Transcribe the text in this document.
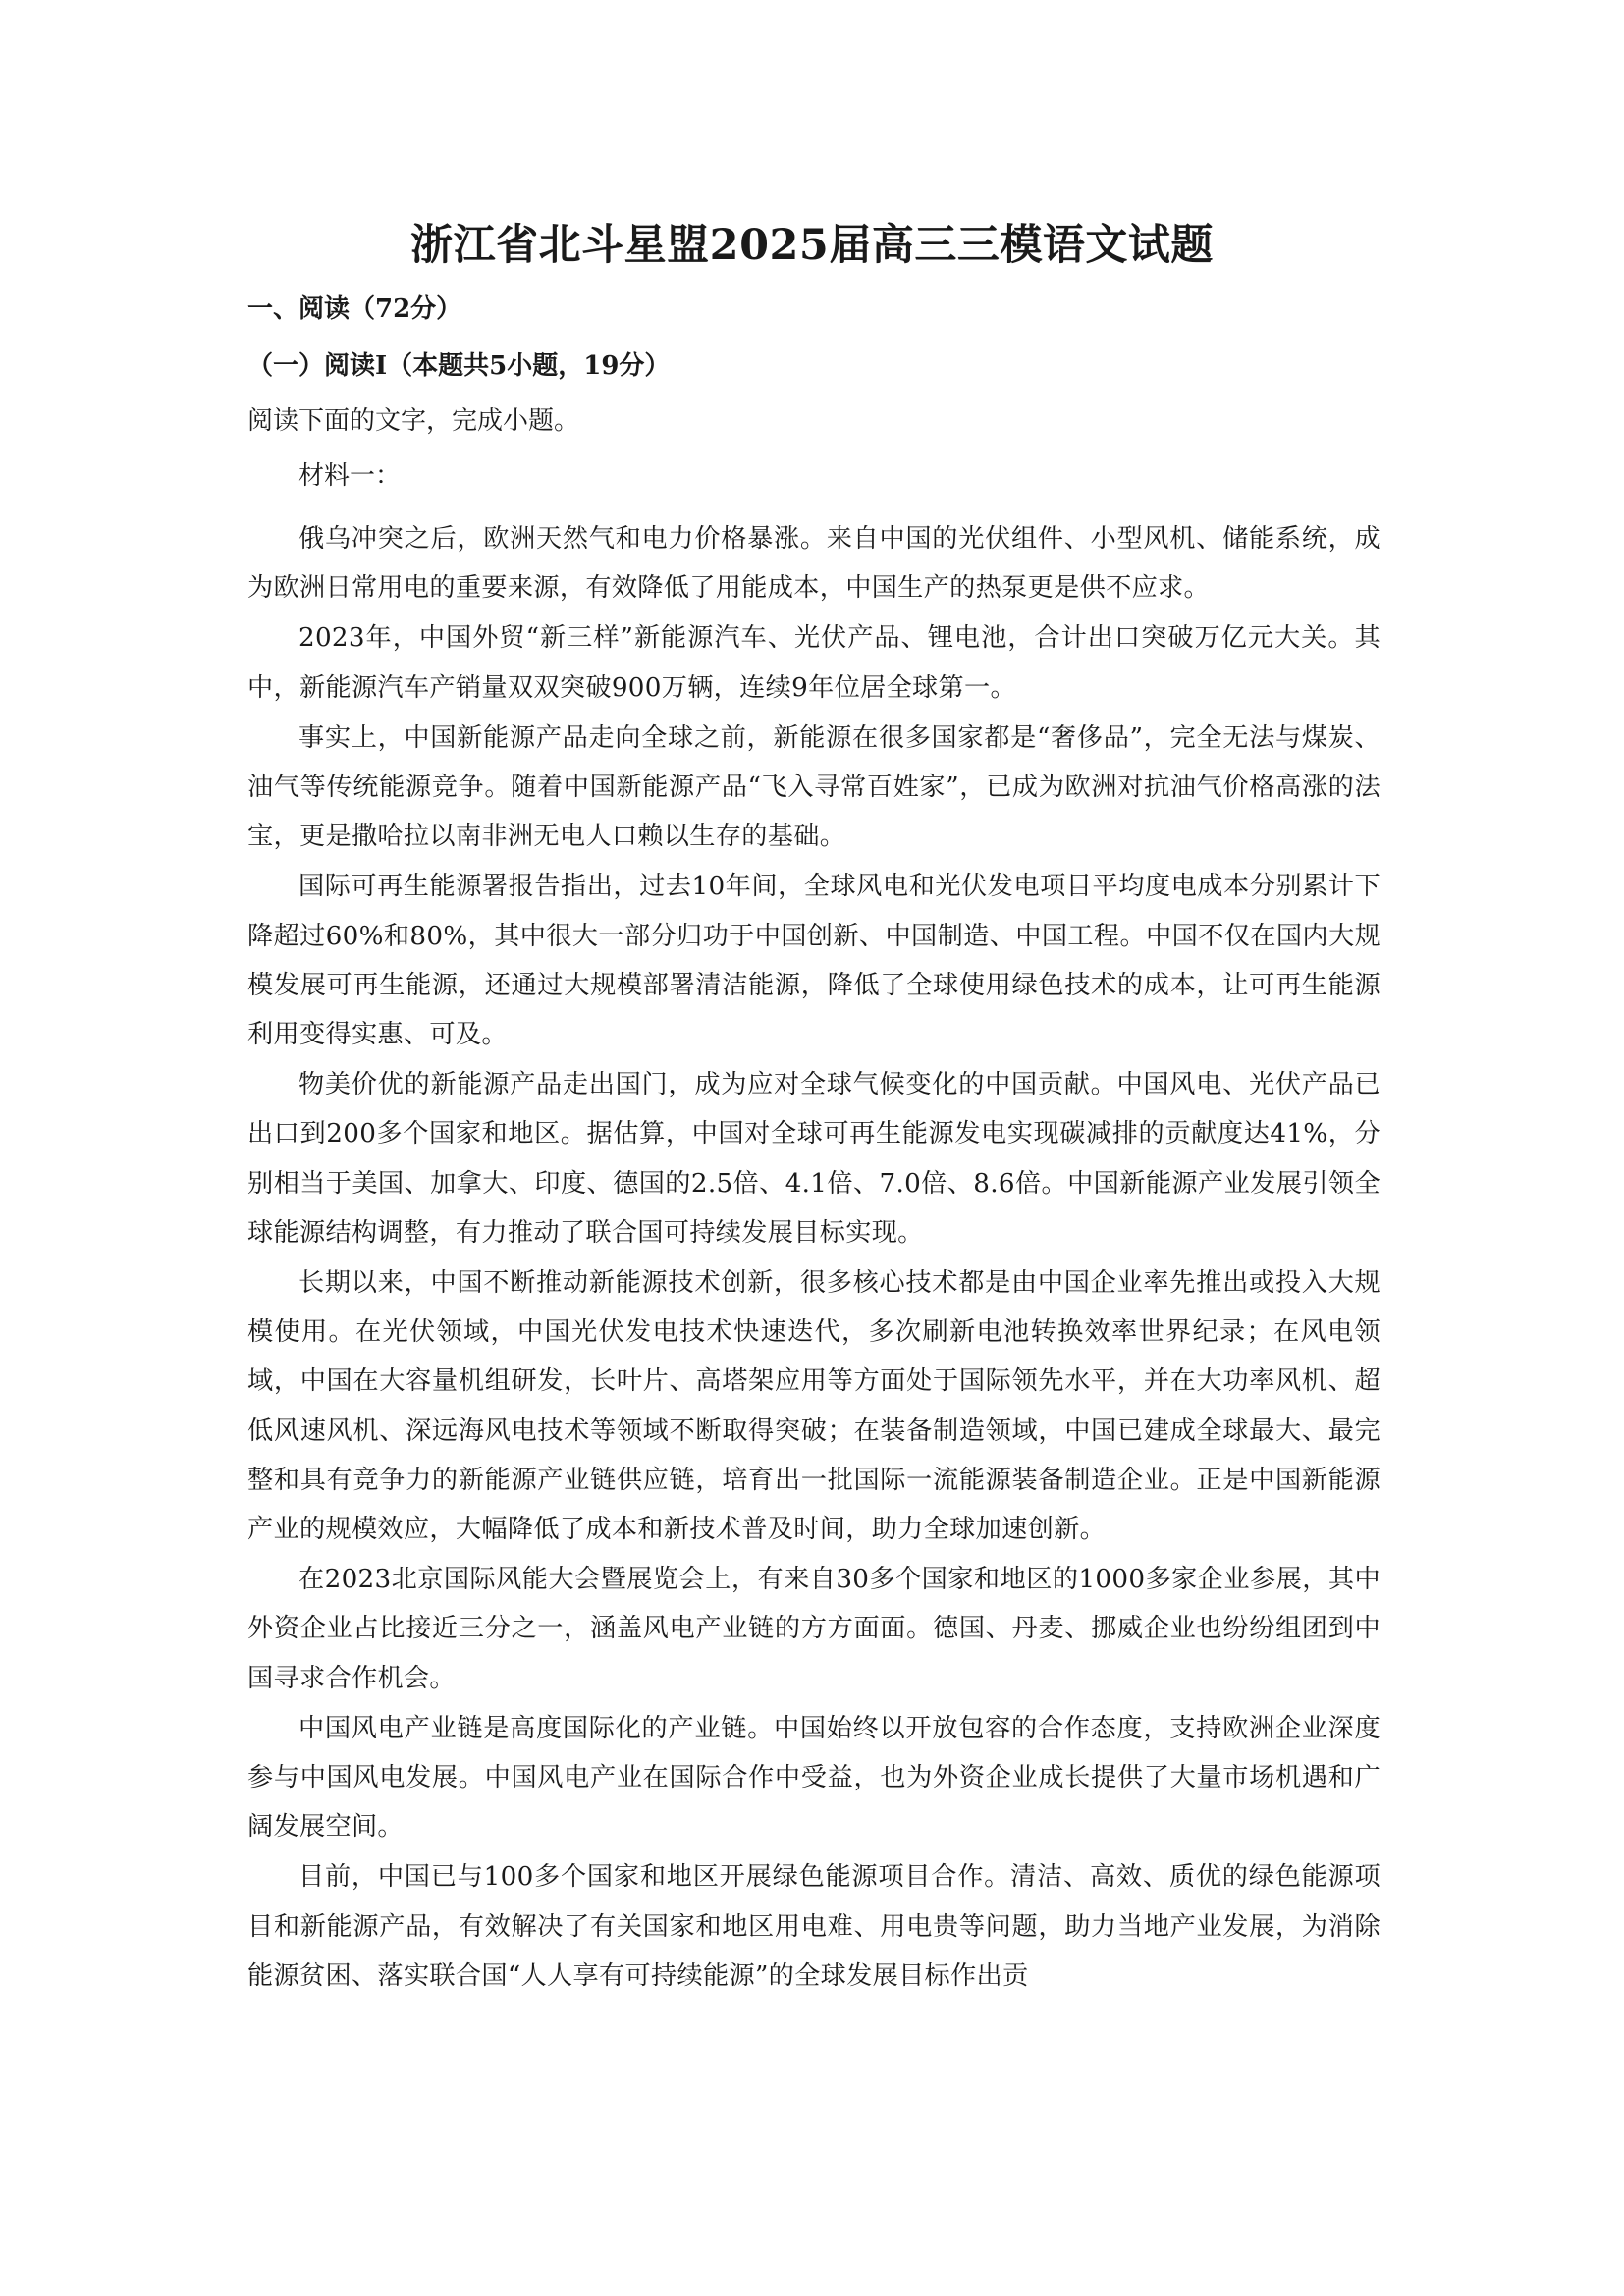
浙江省北斗星盟2025届高三三模语文试题
一、阅读（72分）
（一）阅读Ⅰ（本题共5小题，19分）
阅读下面的文字，完成小题。
材料一：

俄乌冲突之后，欧洲天然气和电力价格暴涨。来自中国的光伏组件、小型风机、储能系统，成为欧洲日常用电的重要来源，有效降低了用能成本，中国生产的热泵更是供不应求。

2023年，中国外贸“新三样”新能源汽车、光伏产品、锂电池，合计出口突破万亿元大关。其中，新能源汽车产销量双双突破900万辆，连续9年位居全球第一。

事实上，中国新能源产品走向全球之前，新能源在很多国家都是“奢侈品”，完全无法与煤炭、油气等传统能源竞争。随着中国新能源产品“飞入寻常百姓家”，已成为欧洲对抗油气价格高涨的法宝，更是撒哈拉以南非洲无电人口赖以生存的基础。

国际可再生能源署报告指出，过去10年间，全球风电和光伏发电项目平均度电成本分别累计下降超过60%和80%，其中很大一部分归功于中国创新、中国制造、中国工程。中国不仅在国内大规模发展可再生能源，还通过大规模部署清洁能源，降低了全球使用绿色技术的成本，让可再生能源利用变得实惠、可及。

物美价优的新能源产品走出国门，成为应对全球气候变化的中国贡献。中国风电、光伏产品已出口到200多个国家和地区。据估算，中国对全球可再生能源发电实现碳减排的贡献度达41%，分别相当于美国、加拿大、印度、德国的2.5倍、4.1倍、7.0倍、8.6倍。中国新能源产业发展引领全球能源结构调整，有力推动了联合国可持续发展目标实现。

长期以来，中国不断推动新能源技术创新，很多核心技术都是由中国企业率先推出或投入大规模使用。在光伏领域，中国光伏发电技术快速迭代，多次刷新电池转换效率世界纪录；在风电领域，中国在大容量机组研发，长叶片、高塔架应用等方面处于国际领先水平，并在大功率风机、超低风速风机、深远海风电技术等领域不断取得突破；在装备制造领域，中国已建成全球最大、最完整和具有竞争力的新能源产业链供应链，培育出一批国际一流能源装备制造企业。正是中国新能源产业的规模效应，大幅降低了成本和新技术普及时间，助力全球加速创新。

在2023北京国际风能大会暨展览会上，有来自30多个国家和地区的1000多家企业参展，其中外资企业占比接近三分之一，涵盖风电产业链的方方面面。德国、丹麦、挪威企业也纷纷组团到中国寻求合作机会。

中国风电产业链是高度国际化的产业链。中国始终以开放包容的合作态度，支持欧洲企业深度参与中国风电发展。中国风电产业在国际合作中受益，也为外资企业成长提供了大量市场机遇和广阔发展空间。

目前，中国已与100多个国家和地区开展绿色能源项目合作。清洁、高效、质优的绿色能源项目和新能源产品，有效解决了有关国家和地区用电难、用电贵等问题，助力当地产业发展，为消除能源贫困、落实联合国“人人享有可持续能源”的全球发展目标作出贡
